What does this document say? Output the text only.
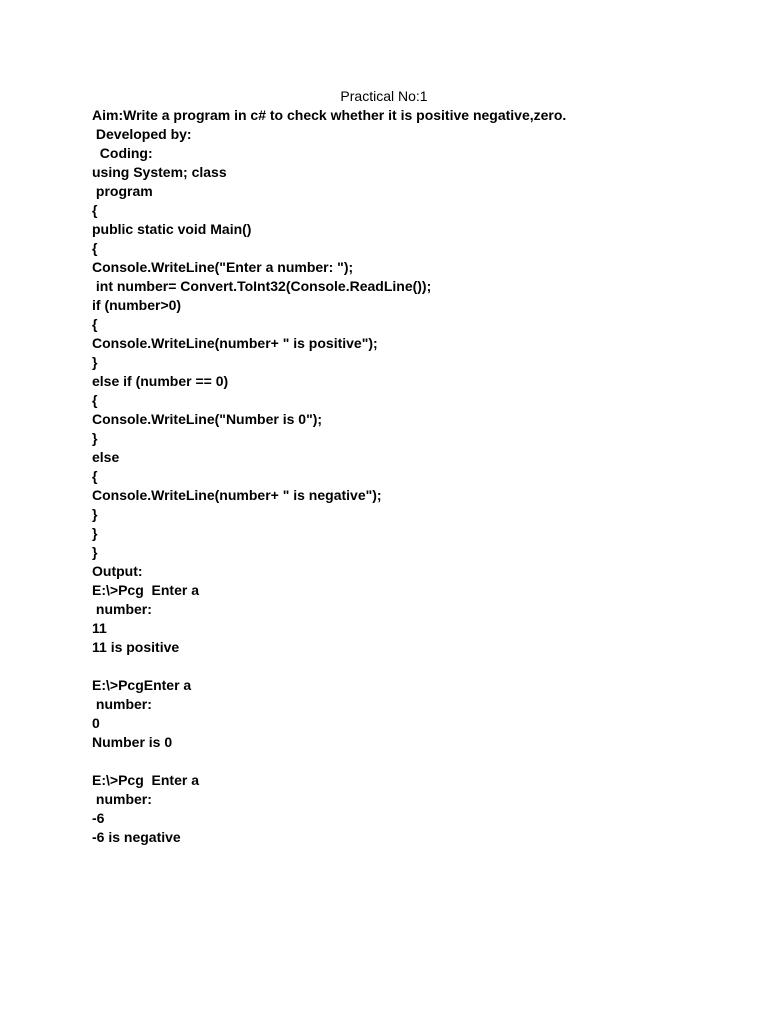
Practical No:1
Aim:Write a program in c# to check whether it is positive negative,zero.
Developed by:
Coding:
using System; class
program
{
public static void Main()
{
Console.WriteLine("Enter a number: ");
int number= Convert.ToInt32(Console.ReadLine());
if (number>0)
{
Console.WriteLine(number+ " is positive");
}
else if (number == 0)
{
Console.WriteLine("Number is 0");
}
else
{
Console.WriteLine(number+ " is negative");
}
}
}
Output:
E:\>Pcg  Enter a
number:
11
11 is positive
E:\>PcgEnter a
number:
0
Number is 0
E:\>Pcg  Enter a
number:
-6
-6 is negative
